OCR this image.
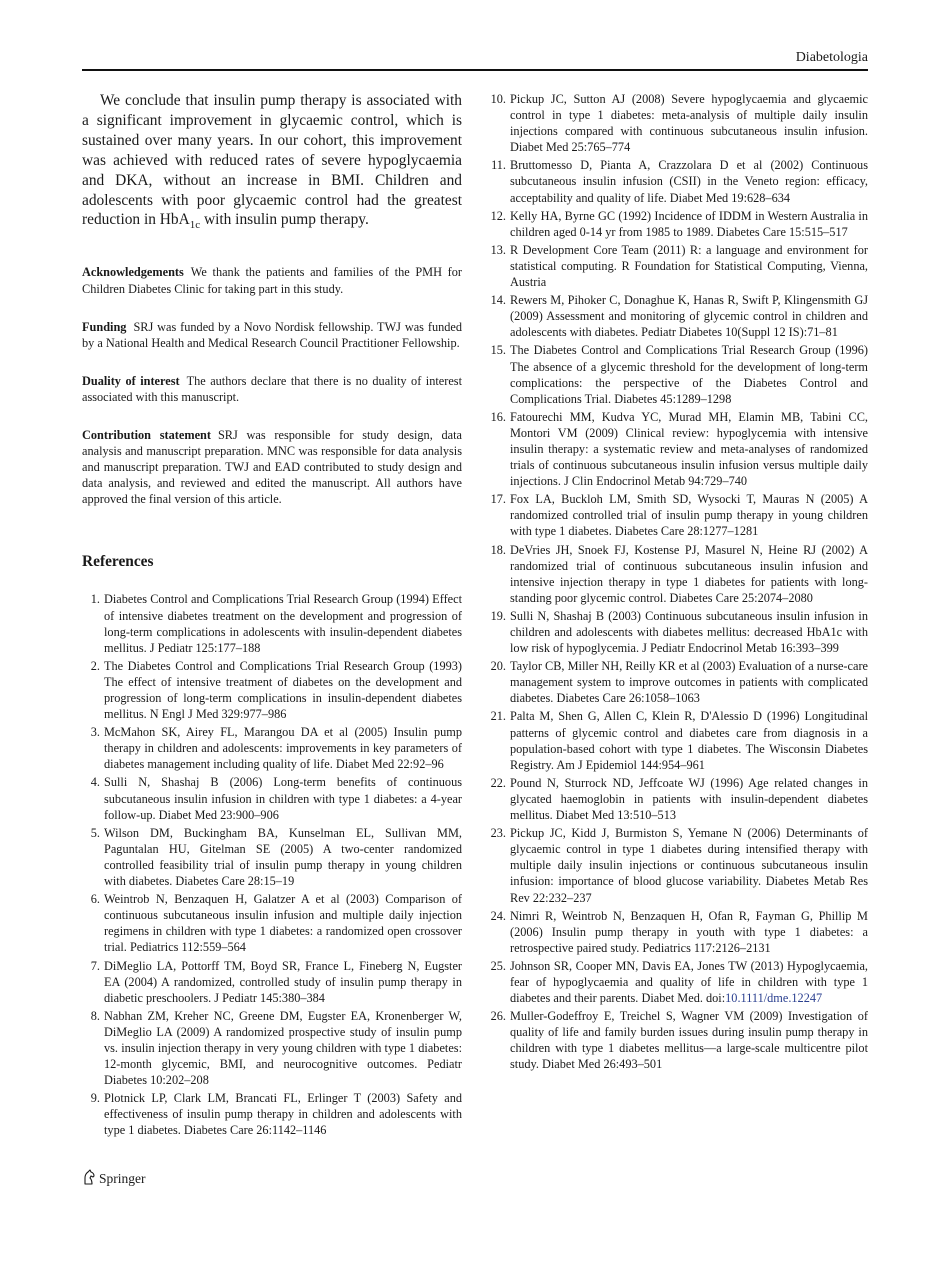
Diabetologia

We conclude that insulin pump therapy is associated with a significant improvement in glycaemic control, which is sustained over many years. In our cohort, this improvement was achieved with reduced rates of severe hypoglycaemia and DKA, without an increase in BMI. Children and adolescents with poor glycaemic control had the greatest reduction in HbA$_{1c}$ with insulin pump therapy.

Acknowledgements We thank the patients and families of the PMH for Children Diabetes Clinic for taking part in this study.

Funding SRJ was funded by a Novo Nordisk fellowship. TWJ was funded by a National Health and Medical Research Council Practitioner Fellowship.

Duality of interest The authors declare that there is no duality of interest associated with this manuscript.

Contribution statement SRJ was responsible for study design, data analysis and manuscript preparation. MNC was responsible for data analysis and manuscript preparation. TWJ and EAD contributed to study design and data analysis, and reviewed and edited the manuscript. All authors have approved the final version of this article.

References
1. Diabetes Control and Complications Trial Research Group (1994) Effect of intensive diabetes treatment on the development and progression of long-term complications in adolescents with insulin-dependent diabetes mellitus. J Pediatr 125:177–188
2. The Diabetes Control and Complications Trial Research Group (1993) The effect of intensive treatment of diabetes on the development and progression of long-term complications in insulin-dependent diabetes mellitus. N Engl J Med 329:977–986
3. McMahon SK, Airey FL, Marangou DA et al (2005) Insulin pump therapy in children and adolescents: improvements in key parameters of diabetes management including quality of life. Diabet Med 22:92–96
4. Sulli N, Shashaj B (2006) Long-term benefits of continuous subcutaneous insulin infusion in children with type 1 diabetes: a 4-year follow-up. Diabet Med 23:900–906
5. Wilson DM, Buckingham BA, Kunselman EL, Sullivan MM, Paguntalan HU, Gitelman SE (2005) A two-center randomized controlled feasibility trial of insulin pump therapy in young children with diabetes. Diabetes Care 28:15–19
6. Weintrob N, Benzaquen H, Galatzer A et al (2003) Comparison of continuous subcutaneous insulin infusion and multiple daily injection regimens in children with type 1 diabetes: a randomized open crossover trial. Pediatrics 112:559–564
7. DiMeglio LA, Pottorff TM, Boyd SR, France L, Fineberg N, Eugster EA (2004) A randomized, controlled study of insulin pump therapy in diabetic preschoolers. J Pediatr 145:380–384
8. Nabhan ZM, Kreher NC, Greene DM, Eugster EA, Kronenberger W, DiMeglio LA (2009) A randomized prospective study of insulin pump vs. insulin injection therapy in very young children with type 1 diabetes: 12-month glycemic, BMI, and neurocognitive outcomes. Pediatr Diabetes 10:202–208
9. Plotnick LP, Clark LM, Brancati FL, Erlinger T (2003) Safety and effectiveness of insulin pump therapy in children and adolescents with type 1 diabetes. Diabetes Care 26:1142–1146
10. Pickup JC, Sutton AJ (2008) Severe hypoglycaemia and glycaemic control in type 1 diabetes: meta-analysis of multiple daily insulin injections compared with continuous subcutaneous insulin infusion. Diabet Med 25:765–774
11. Bruttomesso D, Pianta A, Crazzolara D et al (2002) Continuous subcutaneous insulin infusion (CSII) in the Veneto region: efficacy, acceptability and quality of life. Diabet Med 19:628–634
12. Kelly HA, Byrne GC (1992) Incidence of IDDM in Western Australia in children aged 0-14 yr from 1985 to 1989. Diabetes Care 15:515–517
13. R Development Core Team (2011) R: a language and environment for statistical computing. R Foundation for Statistical Computing, Vienna, Austria
14. Rewers M, Pihoker C, Donaghue K, Hanas R, Swift P, Klingensmith GJ (2009) Assessment and monitoring of glycemic control in children and adolescents with diabetes. Pediatr Diabetes 10(Suppl 12 IS):71–81
15. The Diabetes Control and Complications Trial Research Group (1996) The absence of a glycemic threshold for the development of long-term complications: the perspective of the Diabetes Control and Complications Trial. Diabetes 45:1289–1298
16. Fatourechi MM, Kudva YC, Murad MH, Elamin MB, Tabini CC, Montori VM (2009) Clinical review: hypoglycemia with intensive insulin therapy: a systematic review and meta-analyses of randomized trials of continuous subcutaneous insulin infusion versus multiple daily injections. J Clin Endocrinol Metab 94:729–740
17. Fox LA, Buckloh LM, Smith SD, Wysocki T, Mauras N (2005) A randomized controlled trial of insulin pump therapy in young children with type 1 diabetes. Diabetes Care 28:1277–1281
18. DeVries JH, Snoek FJ, Kostense PJ, Masurel N, Heine RJ (2002) A randomized trial of continuous subcutaneous insulin infusion and intensive injection therapy in type 1 diabetes for patients with long-standing poor glycemic control. Diabetes Care 25:2074–2080
19. Sulli N, Shashaj B (2003) Continuous subcutaneous insulin infusion in children and adolescents with diabetes mellitus: decreased HbA1c with low risk of hypoglycemia. J Pediatr Endocrinol Metab 16:393–399
20. Taylor CB, Miller NH, Reilly KR et al (2003) Evaluation of a nurse-care management system to improve outcomes in patients with complicated diabetes. Diabetes Care 26:1058–1063
21. Palta M, Shen G, Allen C, Klein R, D'Alessio D (1996) Longitudinal patterns of glycemic control and diabetes care from diagnosis in a population-based cohort with type 1 diabetes. The Wisconsin Diabetes Registry. Am J Epidemiol 144:954–961
22. Pound N, Sturrock ND, Jeffcoate WJ (1996) Age related changes in glycated haemoglobin in patients with insulin-dependent diabetes mellitus. Diabet Med 13:510–513
23. Pickup JC, Kidd J, Burmiston S, Yemane N (2006) Determinants of glycaemic control in type 1 diabetes during intensified therapy with multiple daily insulin injections or continuous subcutaneous insulin infusion: importance of blood glucose variability. Diabetes Metab Res Rev 22:232–237
24. Nimri R, Weintrob N, Benzaquen H, Ofan R, Fayman G, Phillip M (2006) Insulin pump therapy in youth with type 1 diabetes: a retrospective paired study. Pediatrics 117:2126–2131
25. Johnson SR, Cooper MN, Davis EA, Jones TW (2013) Hypoglycaemia, fear of hypoglycaemia and quality of life in children with type 1 diabetes and their parents. Diabet Med. doi:10.1111/dme.12247
26. Muller-Godeffroy E, Treichel S, Wagner VM (2009) Investigation of quality of life and family burden issues during insulin pump therapy in children with type 1 diabetes mellitus—a large-scale multicentre pilot study. Diabet Med 26:493–501
Springer
